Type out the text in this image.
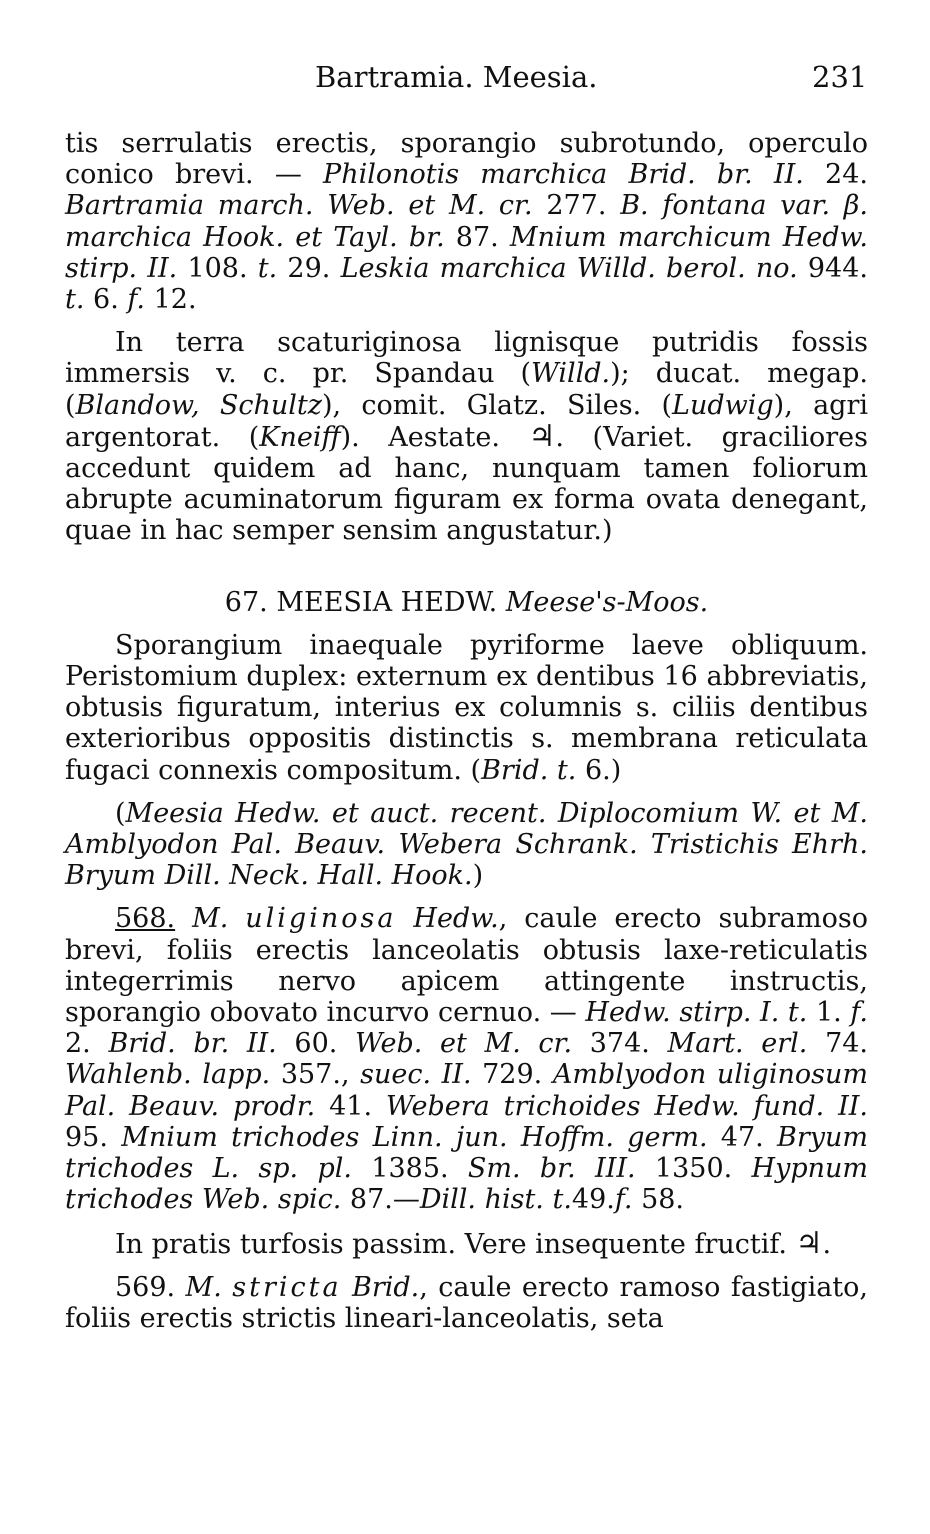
Bartramia. Meesia.	231

tis serrulatis erectis, sporangio subrotundo, operculo conico brevi. — Philonotis marchica Brid. br. II. 24. Bartramia march. Web. et M. cr. 277. B. fontana var. β. marchica Hook. et Tayl. br. 87. Mnium marchicum Hedw. stirp. II. 108. t. 29. Leskia marchica Willd. berol. no. 944. t. 6. f. 12.

In terra scaturiginosa lignisque putridis fossis immersis v. c. pr. Spandau (Willd.); ducat. megap. (Blandow, Schultz), comit. Glatz. Siles. (Ludwig), agri argentorat. (Kneiff). Aestate. ♃. (Variet. graciliores accedunt quidem ad hanc, nunquam tamen foliorum abrupte acuminatorum figuram ex forma ovata denegant, quae in hac semper sensim angustatur.)

67. MEESIA HEDW. Meese's-Moos.

Sporangium inaequale pyriforme laeve obliquum. Peristomium duplex: externum ex dentibus 16 abbreviatis, obtusis figuratum, interius ex columnis s. ciliis dentibus exterioribus oppositis distinctis s. membrana reticulata fugaci connexis compositum. (Brid. t. 6.)

(Meesia Hedw. et auct. recent. Diplocomium W. et M. Amblyodon Pal. Beauv. Webera Schrank. Tristichis Ehrh. Bryum Dill. Neck. Hall. Hook.)

568. M. uliginosa Hedw., caule erecto subramoso brevi, foliis erectis lanceolatis obtusis laxe-reticulatis integerrimis nervo apicem attingente instructis, sporangio obovato incurvo cernuo. — Hedw. stirp. I. t. 1. f. 2. Brid. br. II. 60. Web. et M. cr. 374. Mart. erl. 74. Wahlenb. lapp. 357., suec. II. 729. Amblyodon uliginosum Pal. Beauv. prodr. 41. Webera trichoides Hedw. fund. II. 95. Mnium trichodes Linn. jun. Hoffm. germ. 47. Bryum trichodes L. sp. pl. 1385. Sm. br. III. 1350. Hypnum trichodes Web. spic. 87.—Dill. hist. t.49.f. 58.

In pratis turfosis passim. Vere insequente fructif. ♃.

569. M. stricta Brid., caule erecto ramoso fastigiato, foliis erectis strictis lineari-lanceolatis, seta
